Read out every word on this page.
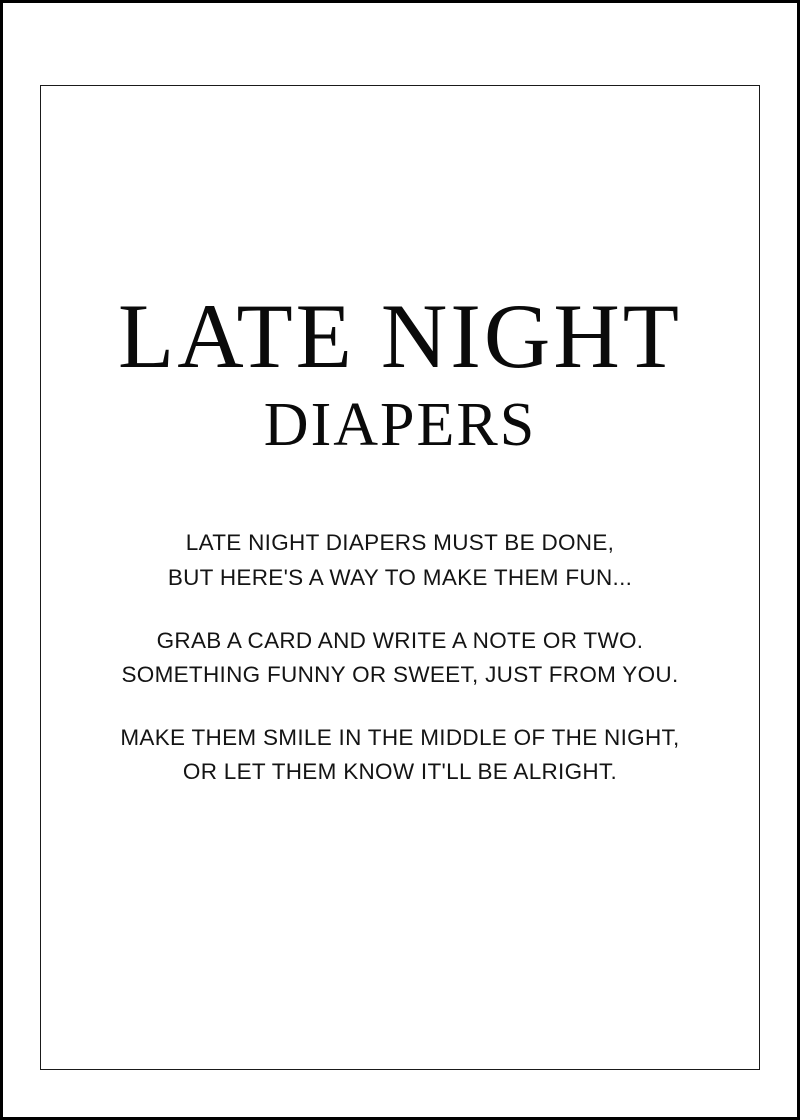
LATE NIGHT
DIAPERS
LATE NIGHT DIAPERS MUST BE DONE,
BUT HERE'S A WAY TO MAKE THEM FUN...
GRAB A CARD AND WRITE A NOTE OR TWO.
SOMETHING FUNNY OR SWEET, JUST FROM YOU.
MAKE THEM SMILE IN THE MIDDLE OF THE NIGHT,
OR LET THEM KNOW IT'LL BE ALRIGHT.
